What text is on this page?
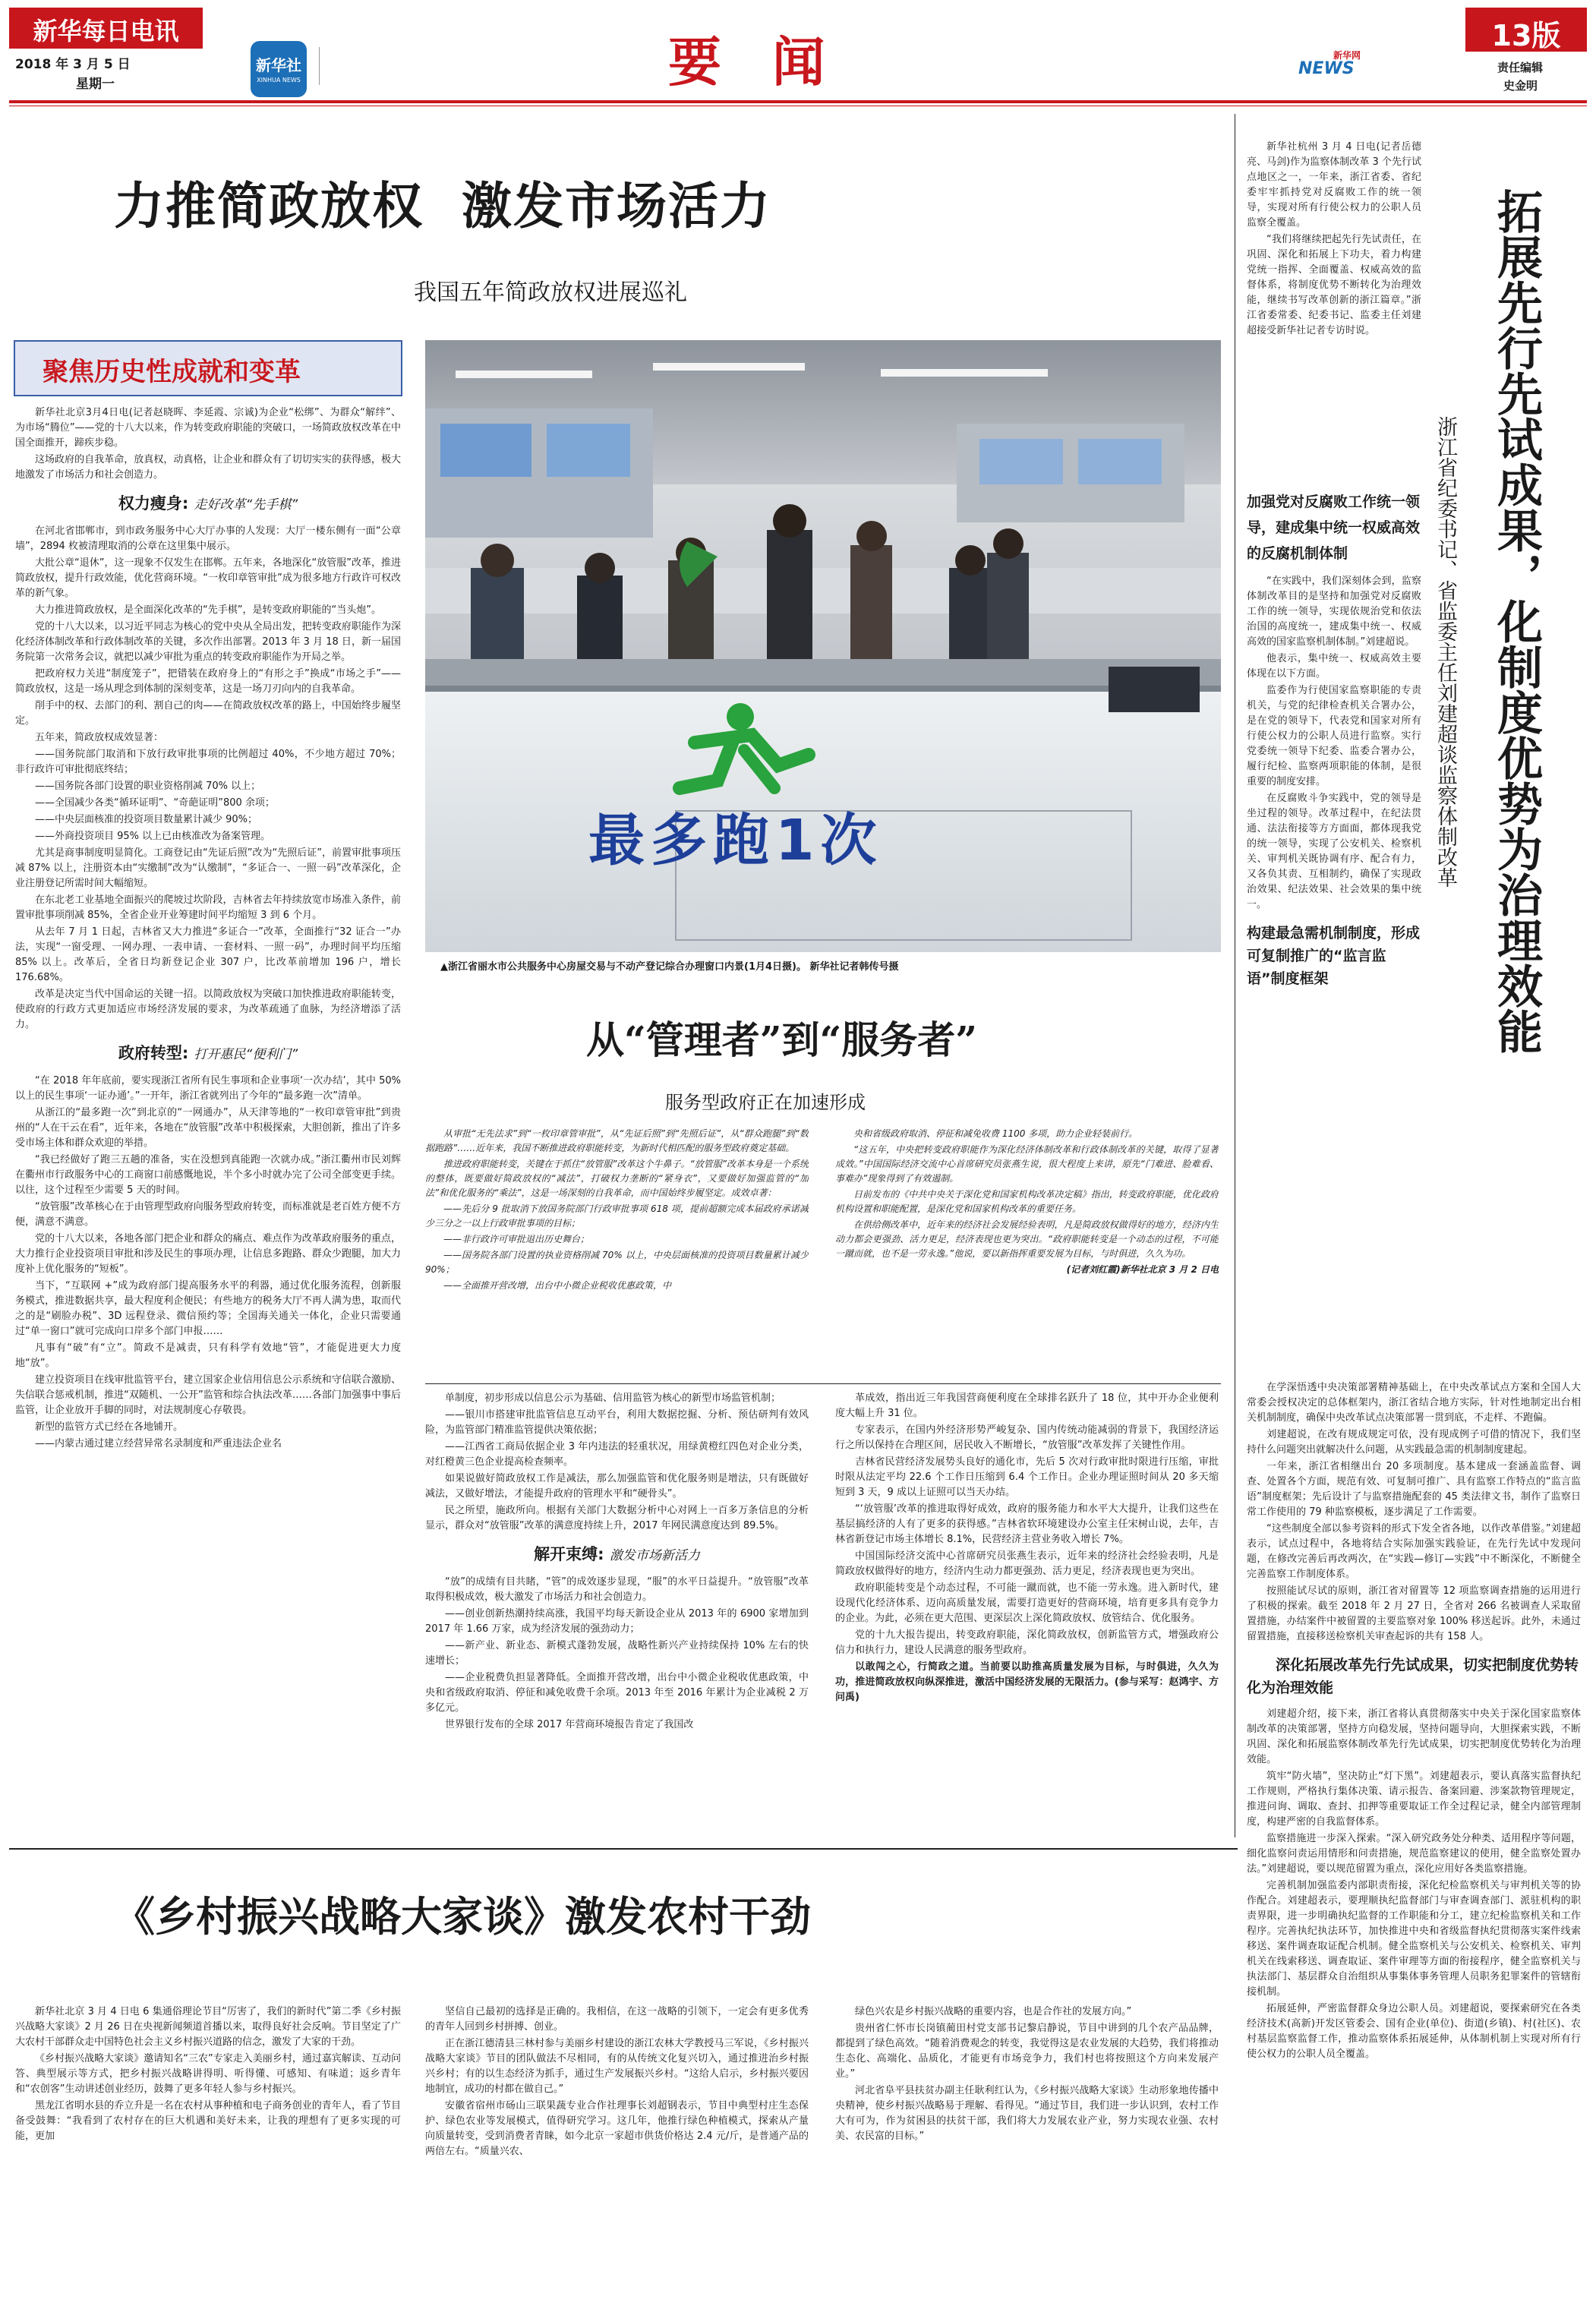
新华每日电讯
2018 年 3 月 5 日
星期一
新华社
XINHUA NEWS	要  闻	NEWS
新华网
13版
责任编辑
史金明
力推简政放权  激发市场活力
我国五年简政放权进展巡礼
聚焦历史性成就和变革

新华社北京3月4日电(记者赵晓晖、李延霞、宗诚)为企业“松绑”、为群众“解绊”、为市场“腾位”——党的十八大以来，作为转变政府职能的突破口，一场简政放权改革在中国全面推开，蹄疾步稳。

这场政府的自我革命，放真权，动真格，让企业和群众有了切切实实的获得感，极大地激发了市场活力和社会创造力。

权力瘦身: 走好改革“先手棋”

在河北省邯郸市，到市政务服务中心大厅办事的人发现：大厅一楼东侧有一面“公章墙”，2894 枚被清理取消的公章在这里集中展示。

大批公章“退休”，这一现象不仅发生在邯郸。五年来，各地深化“放管服”改革，推进简政放权，提升行政效能，优化营商环境。“一枚印章管审批”成为很多地方行政许可权改革的新气象。

大力推进简政放权，是全面深化改革的“先手棋”，是转变政府职能的“当头炮”。

党的十八大以来，以习近平同志为核心的党中央从全局出发，把转变政府职能作为深化经济体制改革和行政体制改革的关键，多次作出部署。2013 年 3 月 18 日，新一届国务院第一次常务会议，就把以减少审批为重点的转变政府职能作为开局之举。

把政府权力关进“制度笼子”，把错装在政府身上的“有形之手”换成“市场之手”——简政放权，这是一场从理念到体制的深刻变革，这是一场刀刃向内的自我革命。

削手中的权、去部门的利、割自己的肉——在简政放权改革的路上，中国始终步履坚定。

五年来，简政放权成效显著：

——国务院部门取消和下放行政审批事项的比例超过 40%，不少地方超过 70%；非行政许可审批彻底终结；

——国务院各部门设置的职业资格削减 70% 以上；

——全国减少各类“循环证明”、“奇葩证明”800 余项；

——中央层面核准的投资项目数量累计减少 90%；

——外商投资项目 95% 以上已由核准改为备案管理。

尤其是商事制度明显简化。工商登记由“先证后照”改为“先照后证”，前置审批事项压减 87% 以上，注册资本由“实缴制”改为“认缴制”，“多证合一、一照一码”改革深化，企业注册登记所需时间大幅缩短。

在东北老工业基地全面振兴的爬坡过坎阶段，吉林省去年持续放宽市场准入条件，前置审批事项削减 85%，全省企业开业筹建时间平均缩短 3 到 6 个月。

从去年 7 月 1 日起，吉林省又大力推进“多证合一”改革，全面推行“32 证合一”办法，实现“一窗受理、一网办理、一表申请、一套材料、一照一码”，办理时间平均压缩 85% 以上。改革后，全省日均新登记企业 307 户，比改革前增加 196 户，增长 176.68%。

改革是决定当代中国命运的关键一招。以简政放权为突破口加快推进政府职能转变，使政府的行政方式更加适应市场经济发展的要求，为改革疏通了血脉，为经济增添了活力。

政府转型: 打开惠民“便利门”

“在 2018 年年底前，要实现浙江省所有民生事项和企业事项‘一次办结’，其中 50% 以上的民生事项‘一证办通’。”一开年，浙江省就列出了今年的“最多跑一次”清单。

从浙江的“最多跑一次”到北京的“一网通办”，从天津等地的“一枚印章管审批”到贵州的“人在干云在看”，近年来，各地在“放管服”改革中积极探索，大胆创新，推出了许多受市场主体和群众欢迎的举措。

“我已经做好了跑三五趟的准备，实在没想到真能跑一次就办成。”浙江衢州市民刘辉在衢州市行政服务中心的工商窗口前感慨地说，半个多小时就办完了公司全部变更手续。以往，这个过程至少需要 5 天的时间。

“放管服”改革核心在于由管理型政府向服务型政府转变，而标准就是老百姓方便不方便，满意不满意。

党的十八大以来，各地各部门把企业和群众的痛点、难点作为改革政府服务的重点，大力推行企业投资项目审批和涉及民生的事项办理，让信息多跑路、群众少跑腿，加大力度补上优化服务的“短板”。

当下，“互联网 +”成为政府部门提高服务水平的利器，通过优化服务流程，创新服务模式，推进数据共享，最大程度利企便民；有些地方的税务大厅不再人满为患，取而代之的是“刷脸办税”、3D 远程登录、微信预约等；全国海关通关一体化，企业只需要通过“单一窗口”就可完成向口岸多个部门申报……

凡事有“破”有“立”。简政不是减责，只有科学有效地“管”，才能促进更大力度地“放”。

建立投资项目在线审批监管平台，建立国家企业信用信息公示系统和守信联合激励、失信联合惩戒机制，推进“双随机、一公开”监管和综合执法改革……各部门加强事中事后监管，让企业放开手脚的同时，对法规制度心存敬畏。

新型的监管方式已经在各地铺开。

——内蒙古通过建立经营异常名录制度和严重违法企业名

最多跑1次
▲浙江省丽水市公共服务中心房屋交易与不动产登记综合办理窗口内景(1月4日摄)。 新华社记者韩传号摄
从“管理者”到“服务者”
服务型政府正在加速形成

从审批“无先法求”到“一枚印章管审批”，从“先证后照”到“先照后证”，从“群众跑腿”到“数据跑路”……近年来，我国不断推进政府职能转变，为新时代相匹配的服务型政府奠定基础。

推进政府职能转变，关键在于抓住“放管服”改革这个牛鼻子。“放管服”改革本身是一个系统的整体，既要做好简政放权的“减法”，打破权力垄断的“紧身衣”，又要做好加强监管的“加法”和优化服务的“乘法”，这是一场深刻的自我革命，而中国始终步履坚定。成效卓著：

——先后分 9 批取消下放国务院部门行政审批事项 618 项，提前超额完成本届政府承诺减少三分之一以上行政审批事项的目标；

——非行政许可审批退出历史舞台；

——国务院各部门设置的执业资格削减 70% 以上，中央层面核准的投资项目数量累计减少 90%；

——全面推开营改增，出台中小微企业税收优惠政策，中

央和省级政府取消、停征和减免收费 1100 多项，助力企业轻装前行。

“这五年，中央把转变政府职能作为深化经济体制改革和行政体制改革的关键，取得了显著成效。”中国国际经济交流中心首席研究员张燕生说，很大程度上来讲，原先“门难进、脸难看、事难办”现象得到了有效遏制。

日前发布的《中共中央关于深化党和国家机构改革决定稿》指出，转变政府职能，优化政府机构设置和职能配置，是深化党和国家机构改革的重要任务。

在供给侧改革中，近年来的经济社会发展经验表明，凡是简政放权做得好的地方，经济内生动力都会更强劲、活力更足，经济表现也更为突出。“政府职能转变是一个动态的过程，不可能一蹴而就，也不是一劳永逸。”他说，要以新指挥重要发展为目标，与时俱进，久久为功。

(记者刘红霞)新华社北京 3 月 2 日电

单制度，初步形成以信息公示为基础、信用监管为核心的新型市场监管机制；

——银川市搭建审批监管信息互动平台，利用大数据挖掘、分析、预估研判有效风险，为监管部门精准监管提供决策依据；

——江西省工商局依据企业 3 年内违法的轻重状况，用绿黄橙红四色对企业分类，对红橙黄三色企业提高检查频率。

如果说做好简政放权工作是减法，那么加强监管和优化服务则是增法，只有既做好减法，又做好增法，才能提升政府的管理水平和“硬骨头”。

民之所望，施政所向。根据有关部门大数据分析中心对网上一百多万条信息的分析显示，群众对“放管服”改革的满意度持续上升，2017 年网民满意度达到 89.5%。

解开束缚: 激发市场新活力

“放”的成绩有目共睹，“管”的成效逐步显现，“服”的水平日益提升。“放管服”改革取得积极成效，极大激发了市场活力和社会创造力。

——创业创新热潮持续高涨，我国平均每天新设企业从 2013 年的 6900 家增加到 2017 年 1.66 万家，成为经济发展的强劲动力；

——新产业、新业态、新模式蓬勃发展，战略性新兴产业持续保持 10% 左右的快速增长；

——企业税费负担显著降低。全面推开营改增，出台中小微企业税收优惠政策，中央和省级政府取消、停征和减免收费千余项。2013 年至 2016 年累计为企业减税 2 万多亿元。

世界银行发布的全球 2017 年营商环境报告肯定了我国改

革成效，指出近三年我国营商便利度在全球排名跃升了 18 位，其中开办企业便利度大幅上升 31 位。

专家表示，在国内外经济形势严峻复杂、国内传统动能减弱的背景下，我国经济运行之所以保持在合理区间，居民收入不断增长，“放管服”改革发挥了关键性作用。

吉林省民营经济发展势头良好的通化市，先后 5 次对行政审批时限进行压缩，审批时限从法定平均 22.6 个工作日压缩到 6.4 个工作日。企业办理证照时间从 20 多天缩短到 3 天，9 成以上证照可以当天办结。

“‘放管服’改革的推进取得好成效，政府的服务能力和水平大大提升，让我们这些在基层搞经济的人有了更多的获得感。”吉林省软环境建设办公室主任宋树山说，去年，吉林省新登记市场主体增长 8.1%，民营经济主营业务收入增长 7%。

中国国际经济交流中心首席研究员张燕生表示，近年来的经济社会经验表明，凡是简政放权做得好的地方，经济内生动力都更强劲、活力更足，经济表现也更为突出。

政府职能转变是个动态过程，不可能一蹴而就，也不能一劳永逸。进入新时代，建设现代化经济体系、迈向高质量发展，需要打造更好的营商环境，培育更多具有竞争力的企业。为此，必须在更大范围、更深层次上深化简政放权、放管结合、优化服务。

党的十九大报告提出，转变政府职能，深化简政放权，创新监管方式，增强政府公信力和执行力，建设人民满意的服务型政府。

以敢闯之心，行简政之道。当前要以助推高质量发展为目标，与时俱进，久久为功，推进简政放权向纵深推进，激活中国经济发展的无限活力。(参与采写：赵鸿宇、方问禹)

拓展先行先试成果，化制度优势为治理效能
浙江省纪委书记、省监委主任刘建超谈监察体制改革

新华社杭州 3 月 4 日电(记者岳德亮、马剑)作为监察体制改革 3 个先行试点地区之一，一年来，浙江省委、省纪委牢牢抓持党对反腐败工作的统一领导，实现对所有行使公权力的公职人员监察全覆盖。

“我们将继续把起先行先试责任，在巩固、深化和拓展上下功夫，着力构建党统一指挥、全面覆盖、权威高效的监督体系，将制度优势不断转化为治理效能，继续书写改革创新的浙江篇章。”浙江省委常委、纪委书记、监委主任刘建超接受新华社记者专访时说。

加强党对反腐败工作统一领导，建成集中统一权威高效的反腐机制体制

“在实践中，我们深刻体会到，监察体制改革目的是坚持和加强党对反腐败工作的统一领导，实现依规治党和依法治国的高度统一，建成集中统一、权威高效的国家监察机制体制。”刘建超说。

他表示，集中统一、权威高效主要体现在以下方面。

监委作为行使国家监察职能的专责机关，与党的纪律检查机关合署办公，是在党的领导下，代表党和国家对所有行使公权力的公职人员进行监察。实行党委统一领导下纪委、监委合署办公，履行纪检、监察两项职能的体制，是很重要的制度安排。

在反腐败斗争实践中，党的领导是坐过程的领导。改革过程中，在纪法贯通、法法衔接等方方面面，都体现我党的统一领导，实现了公安机关、检察机关、审判机关既协调有序、配合有力，又各负其责、互相制约，确保了实现政治效果、纪法效果、社会效果的集中统一。

构建最急需机制制度，形成可复制推广的“监言监语”制度框架

在学深悟透中央决策部署精神基础上，在中央改革试点方案和全国人大常委会授权决定的总体框架内，浙江省结合地方实际，针对性地制定出台相关机制制度，确保中央改革试点决策部署一贯到底，不走样、不跑偏。

刘建超说，在改有规成规定可依，没有现成例子可借的情况下，我们坚持什么问题突出就解决什么问题，从实践最急需的机制制度建起。

一年来，浙江省相继出台 20 多项制度。基本建成一套涵盖监督、调查、处置各个方面，规范有效、可复制可推广、具有监察工作特点的“监言监语”制度框架；先后设计了与监察措施配套的 45 类法律文书，制作了监察日常工作使用的 79 种监察模板，逐步满足了工作需要。

“这些制度全部以参考资料的形式下发全省各地，以作改革借鉴。”刘建超表示，试点过程中，各地将结合实际加强实践验证，在先行先试中发现问题，在修改完善后再改两次，在“实践—修订—实践”中不断深化，不断健全完善监察工作制度体系。

按照能试尽试的原则，浙江省对留置等 12 项监察调查措施的运用进行了积极的探索。截至 2018 年 2 月 27 日，全省对 266 名被调查人采取留置措施，办结案件中被留置的主要监察对象 100% 移送起诉。此外，未通过留置措施，直接移送检察机关审查起诉的共有 158 人。

深化拓展改革先行先试成果，切实把制度优势转化为治理效能

刘建超介绍，接下来，浙江省将认真贯彻落实中央关于深化国家监察体制改革的决策部署，坚持方向稳发展，坚持问题导向，大胆探索实践，不断巩固、深化和拓展监察体制改革先行先试成果，切实把制度优势转化为治理效能。

筑牢“防火墙”，坚决防止“灯下黑”。刘建超表示，要认真落实监督执纪工作规则，严格执行集体决策、请示报告、备案回避、涉案款物管理规定，推进问询、调取、查封、扣押等重要取证工作全过程记录，健全内部管理制度，构建严密的自我监督体系。

监察措施进一步深入探索。“深入研究政务处分种类、适用程序等问题，细化监察问责运用情形和问责措施，规范监察建议的使用，健全监察处置办法。”刘建超说，要以规范留置为重点，深化应用好各类监察措施。

完善机制加强监委内部职责衔接，深化纪检监察机关与审判机关等的协作配合。刘建超表示，要理顺执纪监督部门与审查调查部门、派驻机构的职责界限，进一步明确执纪监督的工作职能和分工，建立纪检监察机关和工作程序。完善执纪执法环节，加快推进中央和省级监督执纪贯彻落实案件线索移送、案件调查取证配合机制。健全监察机关与公安机关、检察机关、审判机关在线索移送、调查取证、案件审理等方面的衔接程序，健全监察机关与执法部门、基层群众自治组织从事集体事务管理人员职务犯罪案件的管辖衔接机制。

拓展延伸，严密监督群众身边公职人员。刘建超说，要探索研究在各类经济技术(高新)开发区管委会、国有企业(单位)、街道(乡镇)、村(社区)、农村基层监察监督工作，推动监察体系拓展延伸，从体制机制上实现对所有行使公权力的公职人员全覆盖。

《乡村振兴战略大家谈》激发农村干劲

新华社北京 3 月 4 日电 6 集通俗理论节目“厉害了，我们的新时代”第二季《乡村振兴战略大家谈》2 月 26 日在央视新闻频道首播以来，取得良好社会反响。节目坚定了广大农村干部群众走中国特色社会主义乡村振兴道路的信念，激发了大家的干劲。

《乡村振兴战略大家谈》邀请知名“三农”专家走入美丽乡村，通过嘉宾解读、互动问答、典型展示等方式，把乡村振兴战略讲得明、听得懂、可感知、有味道；返乡青年和“农创客”生动讲述创业经历，鼓舞了更多年轻人参与乡村振兴。

黑龙江省明水县的乔立升是一名在农村从事种植和电子商务创业的青年人，看了节目备受鼓舞：“我看到了农村存在的巨大机遇和美好未来，让我的理想有了更多实现的可能，更加

坚信自己最初的选择是正确的。我相信，在这一战略的引领下，一定会有更多优秀的青年人回到乡村拼搏、创业。

正在浙江德清县三林村参与美丽乡村建设的浙江农林大学教授马三军说，《乡村振兴战略大家谈》节目的团队做法不尽相同，有的从传统文化复兴切入，通过推进治乡村振兴乡村；有的以生态经济为抓手，通过生产发展振兴乡村。“这给人启示，乡村振兴要因地制宜，成功的村都在做自己。”

安徽省宿州市砀山三联果蔬专业合作社理事长刘超钢表示，节目中典型村庄生态保护、绿色农业等发展模式，值得研究学习。这几年，他推行绿色种植模式，探索从产量向质量转变，受到消费者青睐，如今北京一家超市供货价格达 2.4 元/斤，是普通产品的两倍左右。“质量兴农、

绿色兴农是乡村振兴战略的重要内容，也是合作社的发展方向。”

贵州省仁怀市长岗镇蔺田村党支部书记黎启静说，节目中讲到的几个农产品品牌，都提到了绿色高效。“随着消费观念的转变，我觉得这是农业发展的大趋势，我们将推动生态化、高端化、品质化，才能更有市场竞争力，我们村也将按照这个方向来发展产业。”

河北省阜平县扶贫办副主任耿利红认为，《乡村振兴战略大家谈》生动形象地传播中央精神，使乡村振兴战略易于理解、看得见。“通过节目，我们进一步认识到，农村工作大有可为，作为贫困县的扶贫干部，我们将大力发展农业产业，努力实现农业强、农村美、农民富的目标。”
